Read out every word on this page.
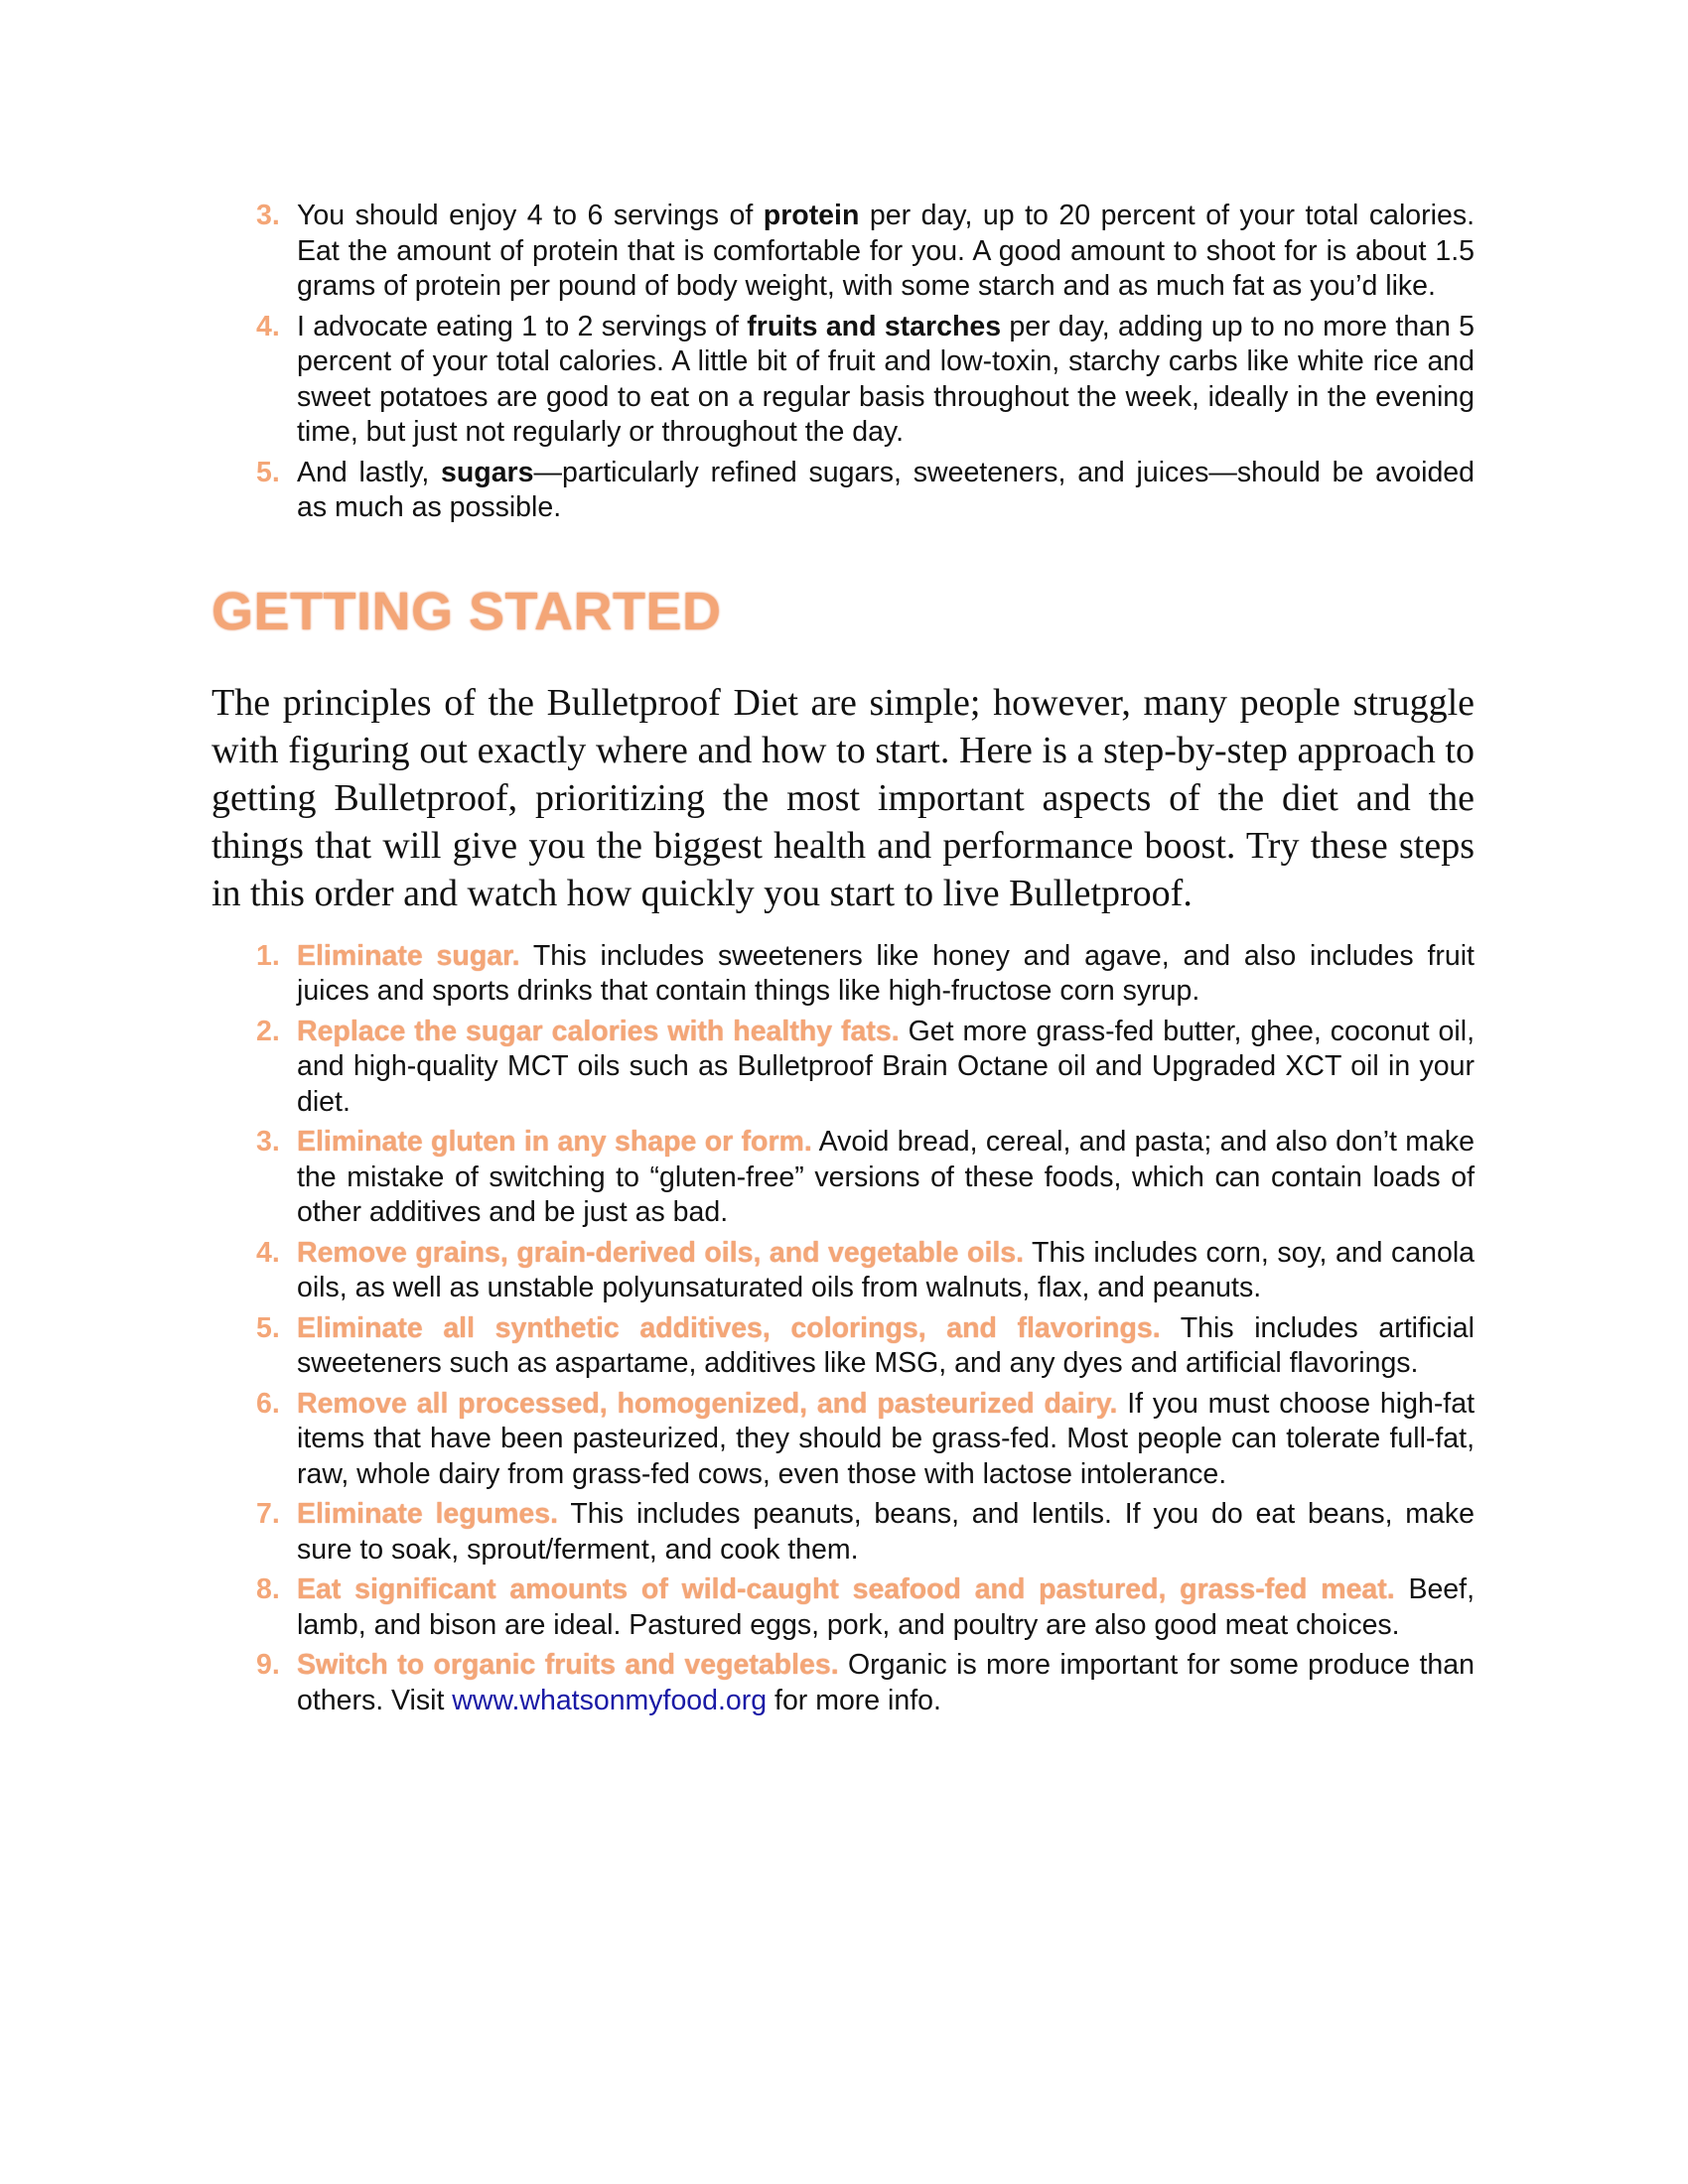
3. You should enjoy 4 to 6 servings of protein per day, up to 20 percent of your total calories. Eat the amount of protein that is comfortable for you. A good amount to shoot for is about 1.5 grams of protein per pound of body weight, with some starch and as much fat as you’d like.
4. I advocate eating 1 to 2 servings of fruits and starches per day, adding up to no more than 5 percent of your total calories. A little bit of fruit and low-toxin, starchy carbs like white rice and sweet potatoes are good to eat on a regular basis throughout the week, ideally in the evening time, but just not regularly or throughout the day.
5. And lastly, sugars—particularly refined sugars, sweeteners, and juices—should be avoided as much as possible.
GETTING STARTED

The principles of the Bulletproof Diet are simple; however, many people struggle with figuring out exactly where and how to start. Here is a step-by-step approach to getting Bulletproof, prioritizing the most important aspects of the diet and the things that will give you the biggest health and performance boost. Try these steps in this order and watch how quickly you start to live Bulletproof.

1. Eliminate sugar. This includes sweeteners like honey and agave, and also includes fruit juices and sports drinks that contain things like high-fructose corn syrup.
2. Replace the sugar calories with healthy fats. Get more grass-fed butter, ghee, coconut oil, and high-quality MCT oils such as Bulletproof Brain Octane oil and Upgraded XCT oil in your diet.
3. Eliminate gluten in any shape or form. Avoid bread, cereal, and pasta; and also don’t make the mistake of switching to “gluten-free” versions of these foods, which can contain loads of other additives and be just as bad.
4. Remove grains, grain-derived oils, and vegetable oils. This includes corn, soy, and canola oils, as well as unstable polyunsaturated oils from walnuts, flax, and peanuts.
5. Eliminate all synthetic additives, colorings, and flavorings. This includes artificial sweeteners such as aspartame, additives like MSG, and any dyes and artificial flavorings.
6. Remove all processed, homogenized, and pasteurized dairy. If you must choose high-fat items that have been pasteurized, they should be grass-fed. Most people can tolerate full-fat, raw, whole dairy from grass-fed cows, even those with lactose intolerance.
7. Eliminate legumes. This includes peanuts, beans, and lentils. If you do eat beans, make sure to soak, sprout/ferment, and cook them.
8. Eat significant amounts of wild-caught seafood and pastured, grass-fed meat. Beef, lamb, and bison are ideal. Pastured eggs, pork, and poultry are also good meat choices.
9. Switch to organic fruits and vegetables. Organic is more important for some produce than others. Visit www.whatsonmyfood.org for more info.
